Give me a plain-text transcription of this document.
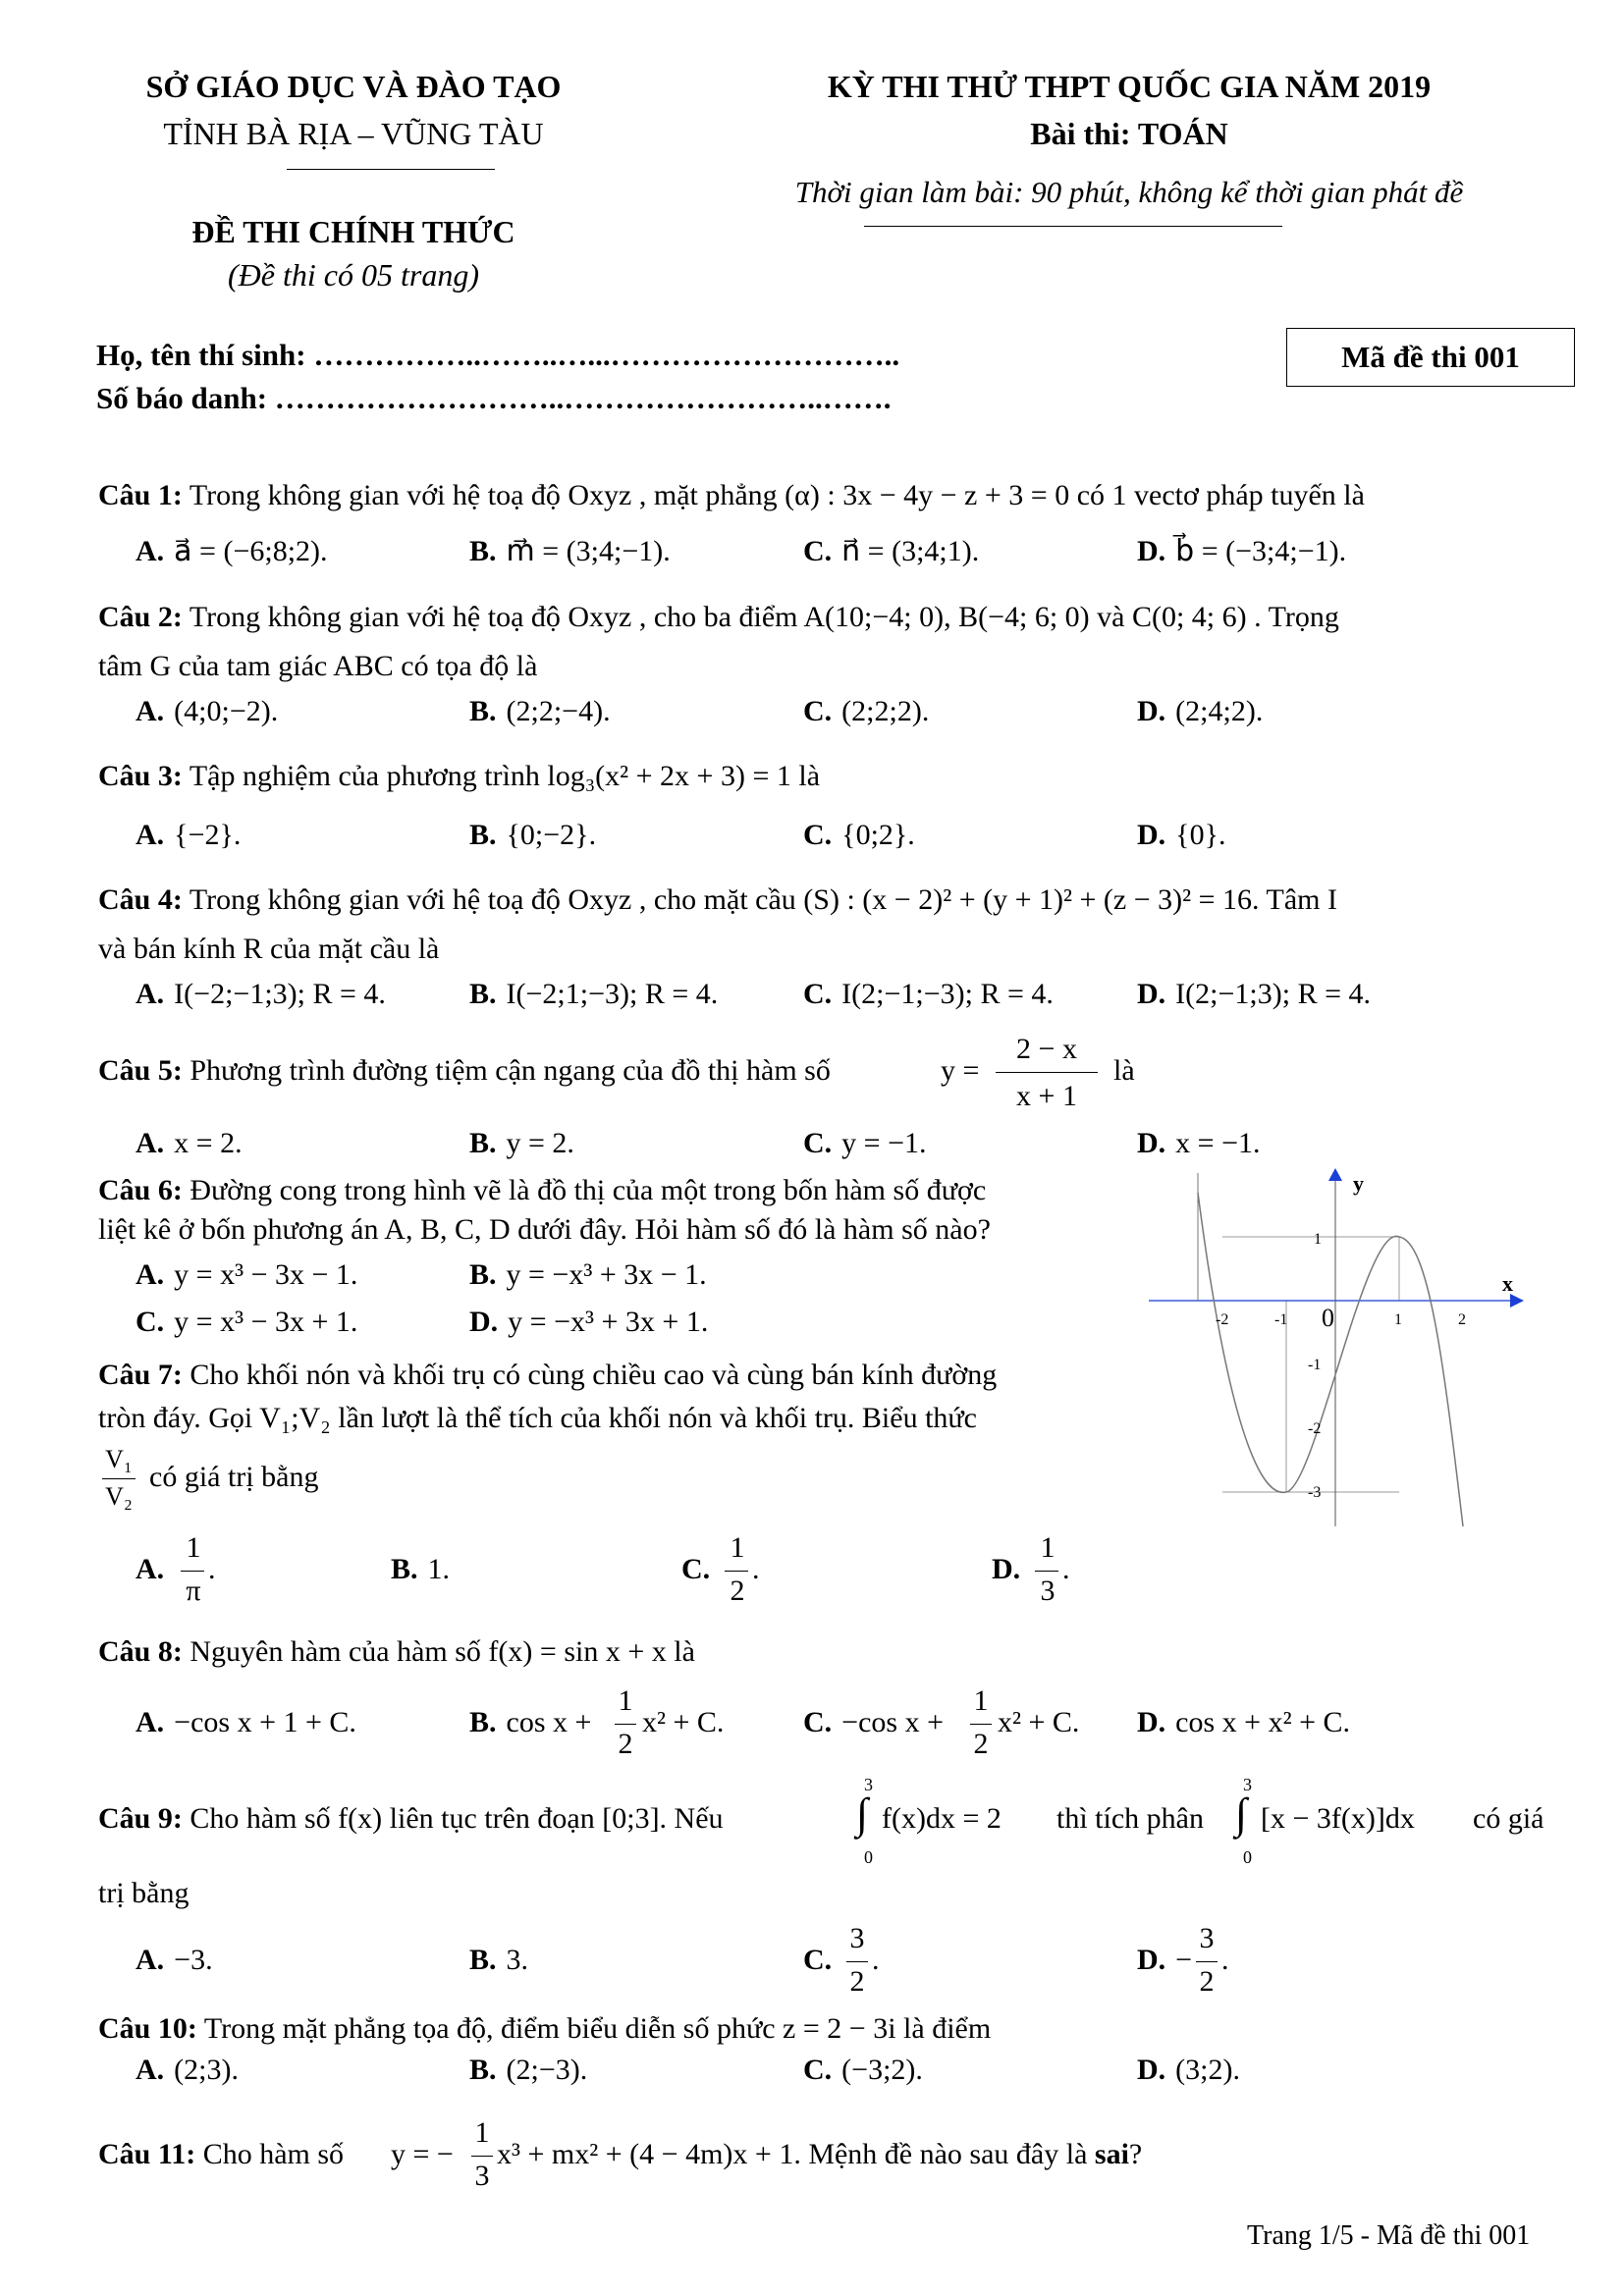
SỞ GIÁO DỤC VÀ ĐÀO TẠO
TỈNH BÀ RỊA – VŨNG TÀU
ĐỀ THI CHÍNH THỨC
(Đề thi có 05 trang)
KỲ THI THỬ THPT QUỐC GIA NĂM 2019
Bài thi: TOÁN
Thời gian làm bài: 90 phút, không kể thời gian phát đề
Họ, tên thí sinh: ……………..……..…...………………………..
Số báo danh: ………………………..……………………..…….
Mã đề thi 001
Câu 1: Trong không gian với hệ toạ độ Oxyz , mặt phẳng (α) : 3x − 4y − z + 3 = 0 có 1 vectơ pháp tuyến là
A. a⃗ = (−6;8;2).	B. m⃗ = (3;4;−1).	C. n⃗ = (3;4;1).	D. b⃗ = (−3;4;−1).
Câu 2: Trong không gian với hệ toạ độ Oxyz , cho ba điểm A(10;−4; 0), B(−4; 6; 0) và C(0; 4; 6) . Trọng
tâm G của tam giác ABC có tọa độ là
A. (4;0;−2).	B. (2;2;−4).	C. (2;2;2).	D. (2;4;2).
Câu 3: Tập nghiệm của phương trình log₃(x² + 2x + 3) = 1 là
A. {−2}.	B. {0;−2}.	C. {0;2}.	D. {0}.
Câu 4: Trong không gian với hệ toạ độ Oxyz , cho mặt cầu (S) : (x − 2)² + (y + 1)² + (z − 3)² = 16. Tâm I
và bán kính R của mặt cầu là
A. I(−2;−1;3); R = 4.	B. I(−2;1;−3); R = 4.	C. I(2;−1;−3); R = 4.	D. I(2;−1;3); R = 4.
Câu 5: Phương trình đường tiệm cận ngang của đồ thị hàm số	y =
2 − x
x + 1
là
A. x = 2.	B. y = 2.	C. y = −1.	D. x = −1.
Câu 6: Đường cong trong hình vẽ là đồ thị của một trong bốn hàm số được
liệt kê ở bốn phương án A, B, C, D dưới đây. Hỏi hàm số đó là hàm số nào?
A. y = x³ − 3x − 1.	B. y = −x³ + 3x − 1.
C. y = x³ − 3x + 1.	D. y = −x³ + 3x + 1.
y
x
-2	-1 0	1	2
1
-1
-2
-3
Câu 7: Cho khối nón và khối trụ có cùng chiều cao và cùng bán kính đường
tròn đáy. Gọi V₁;V₂ lần lượt là thể tích của khối nón và khối trụ. Biểu thức
V₁
V₂
có giá trị bằng
A.
1
π
.	B. 1.	C.
1
2
.	D.
1
3
.
Câu 8: Nguyên hàm của hàm số f(x) = sin x + x là
A. −cos x + 1 + C.	B. cos x +
1
2
x² + C.	C. −cos x +
1
2
x² + C. D. cos x + x² + C.
Câu 9: Cho hàm số f(x) liên tục trên đoạn [0;3]. Nếu
3
∫
0
f(x)dx = 2 thì tích phân
3
∫
0
[x − 3f(x)]dx có giá
trị bằng
A. −3.	B. 3.	C.
3
2
.	D. −
3
2
.
Câu 10: Trong mặt phẳng tọa độ, điểm biểu diễn số phức z = 2 − 3i là điểm
A. (2;3).	B. (2;−3).	C. (−3;2).	D. (3;2).
Câu 11: Cho hàm số y = −
1
3
x³ + mx² + (4 − 4m)x + 1. Mệnh đề nào sau đây là sai?
Trang 1/5 - Mã đề thi 001
